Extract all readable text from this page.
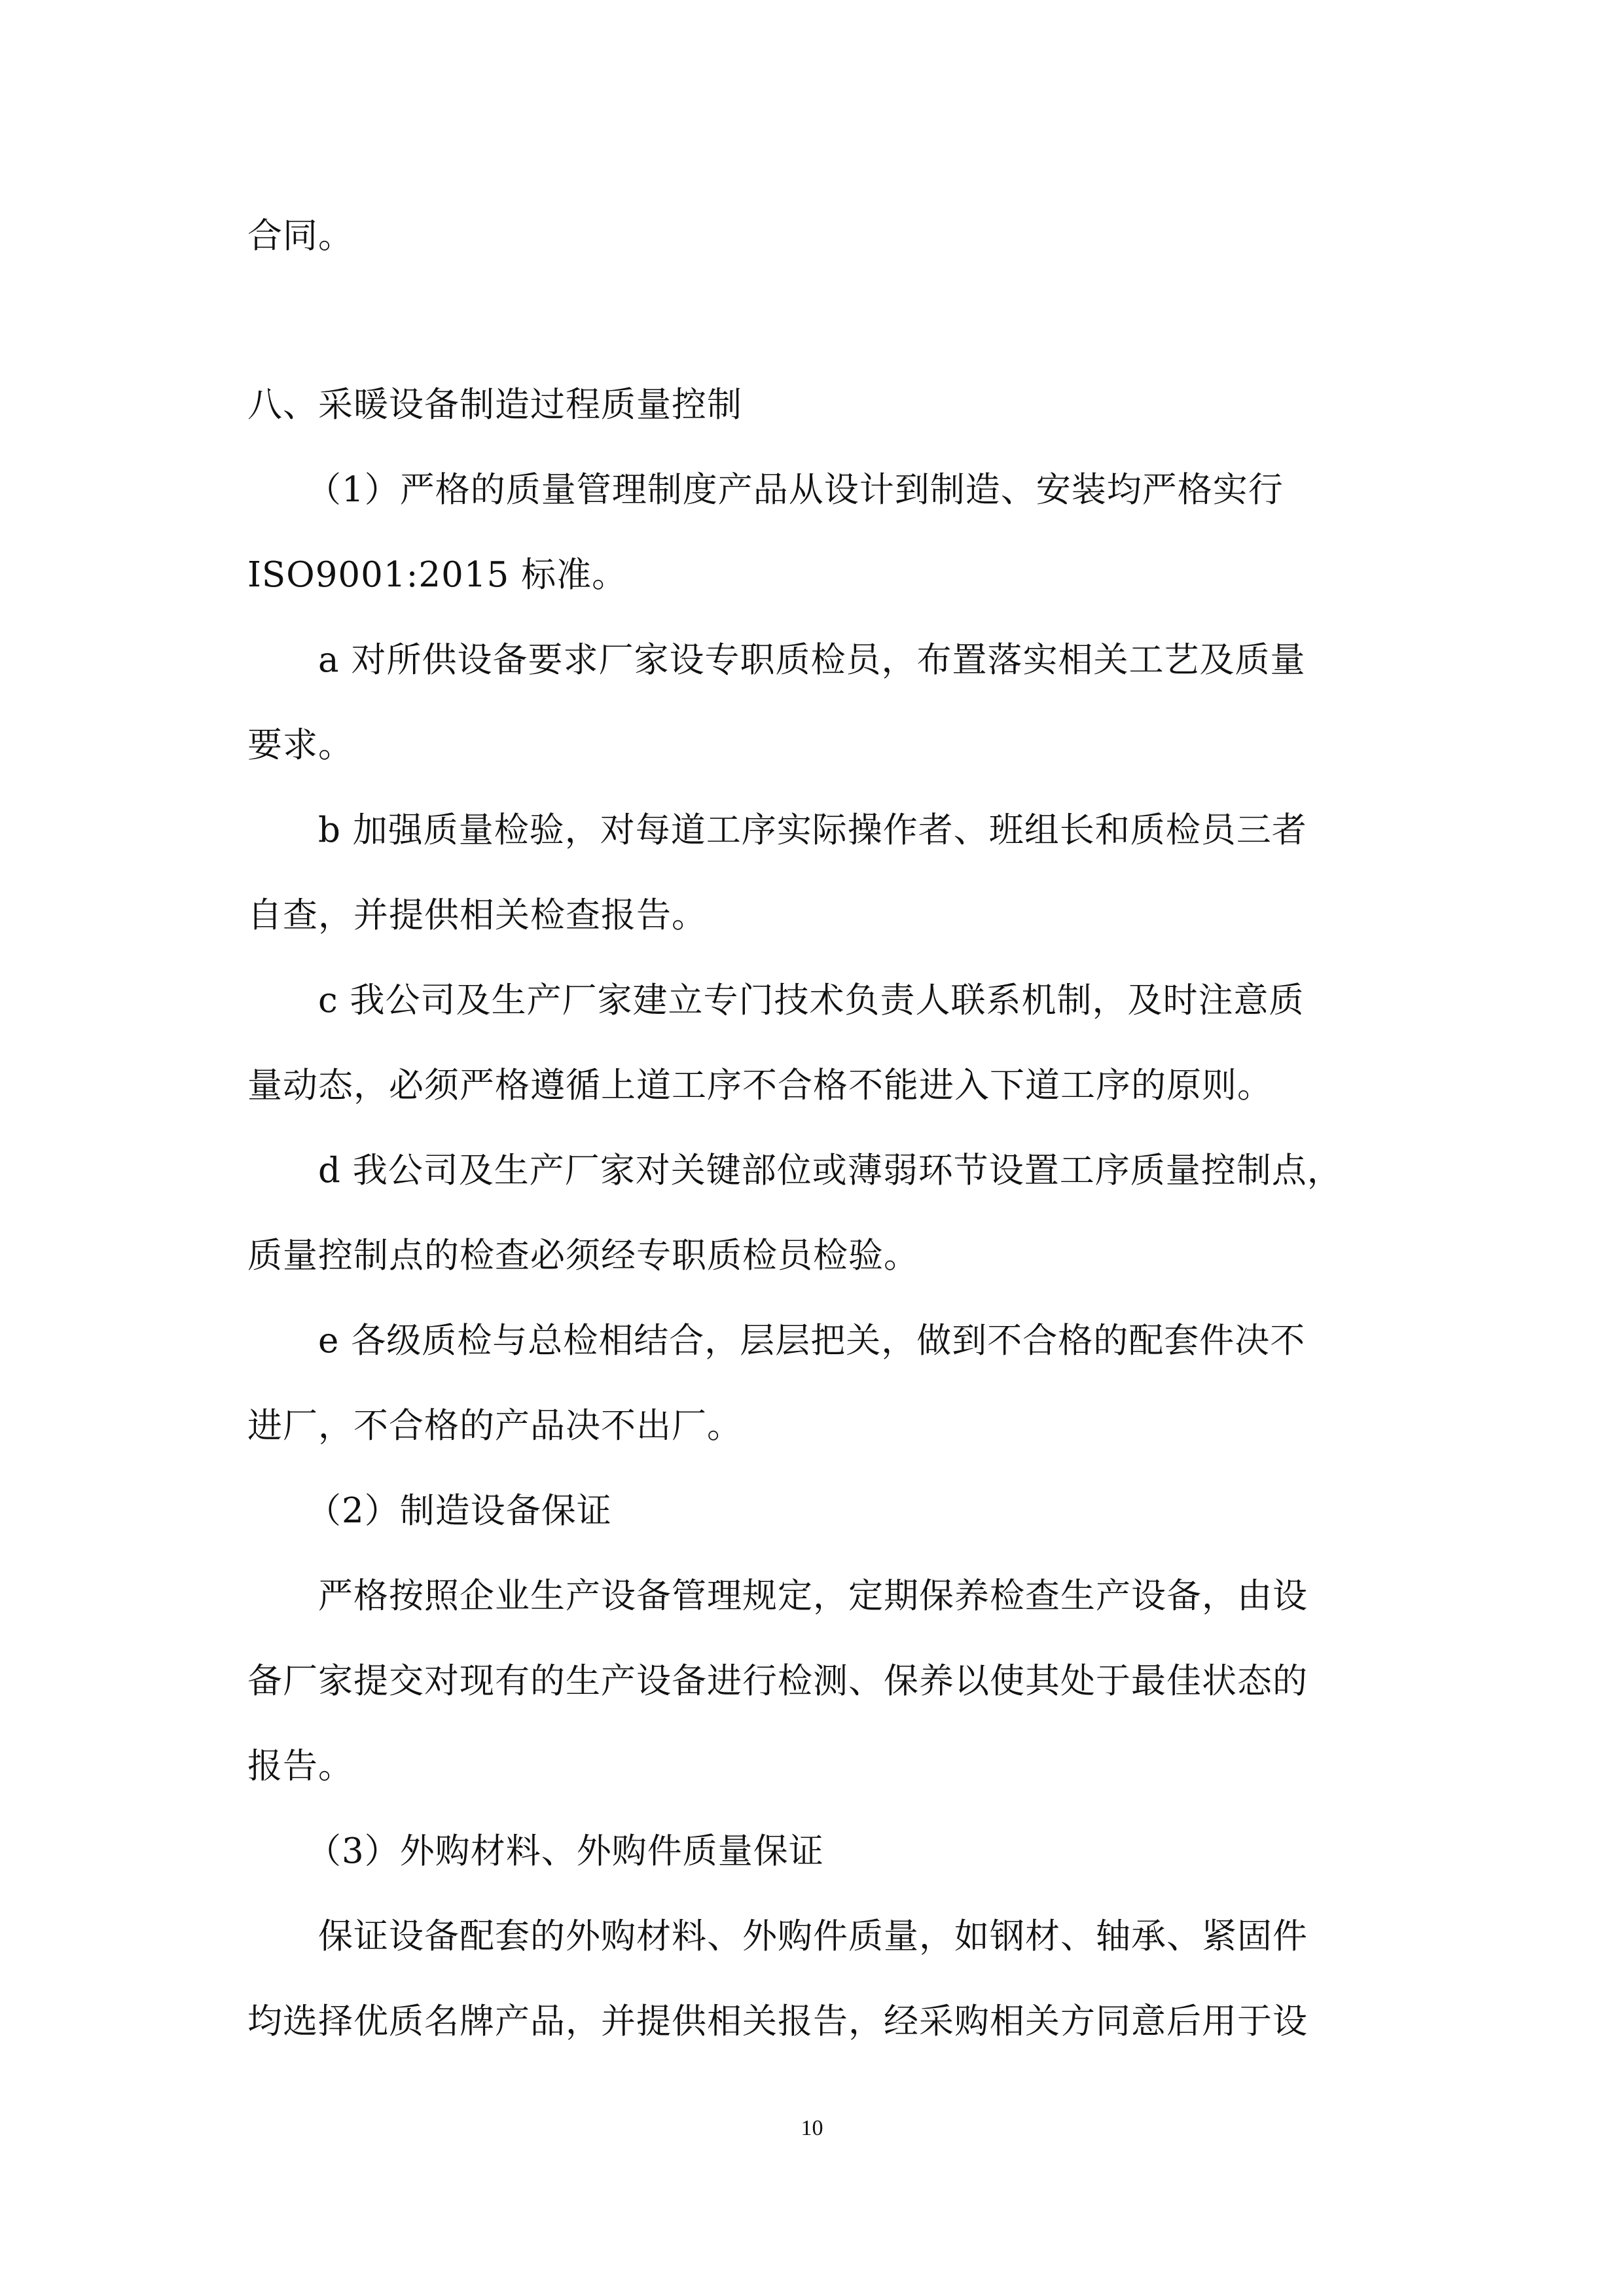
合同。
八、采暖设备制造过程质量控制
（1）严格的质量管理制度产品从设计到制造、安装均严格实行
ISO9001:2015 标准。
a 对所供设备要求厂家设专职质检员，布置落实相关工艺及质量
要求。
b 加强质量检验，对每道工序实际操作者、班组长和质检员三者
自查，并提供相关检查报告。
c 我公司及生产厂家建立专门技术负责人联系机制，及时注意质
量动态，必须严格遵循上道工序不合格不能进入下道工序的原则。
d 我公司及生产厂家对关键部位或薄弱环节设置工序质量控制点，
质量控制点的检查必须经专职质检员检验。
e 各级质检与总检相结合，层层把关，做到不合格的配套件决不
进厂，不合格的产品决不出厂。
（2）制造设备保证
严格按照企业生产设备管理规定，定期保养检查生产设备，由设
备厂家提交对现有的生产设备进行检测、保养以使其处于最佳状态的
报告。
（3）外购材料、外购件质量保证
保证设备配套的外购材料、外购件质量，如钢材、轴承、紧固件
均选择优质名牌产品，并提供相关报告，经采购相关方同意后用于设
10
